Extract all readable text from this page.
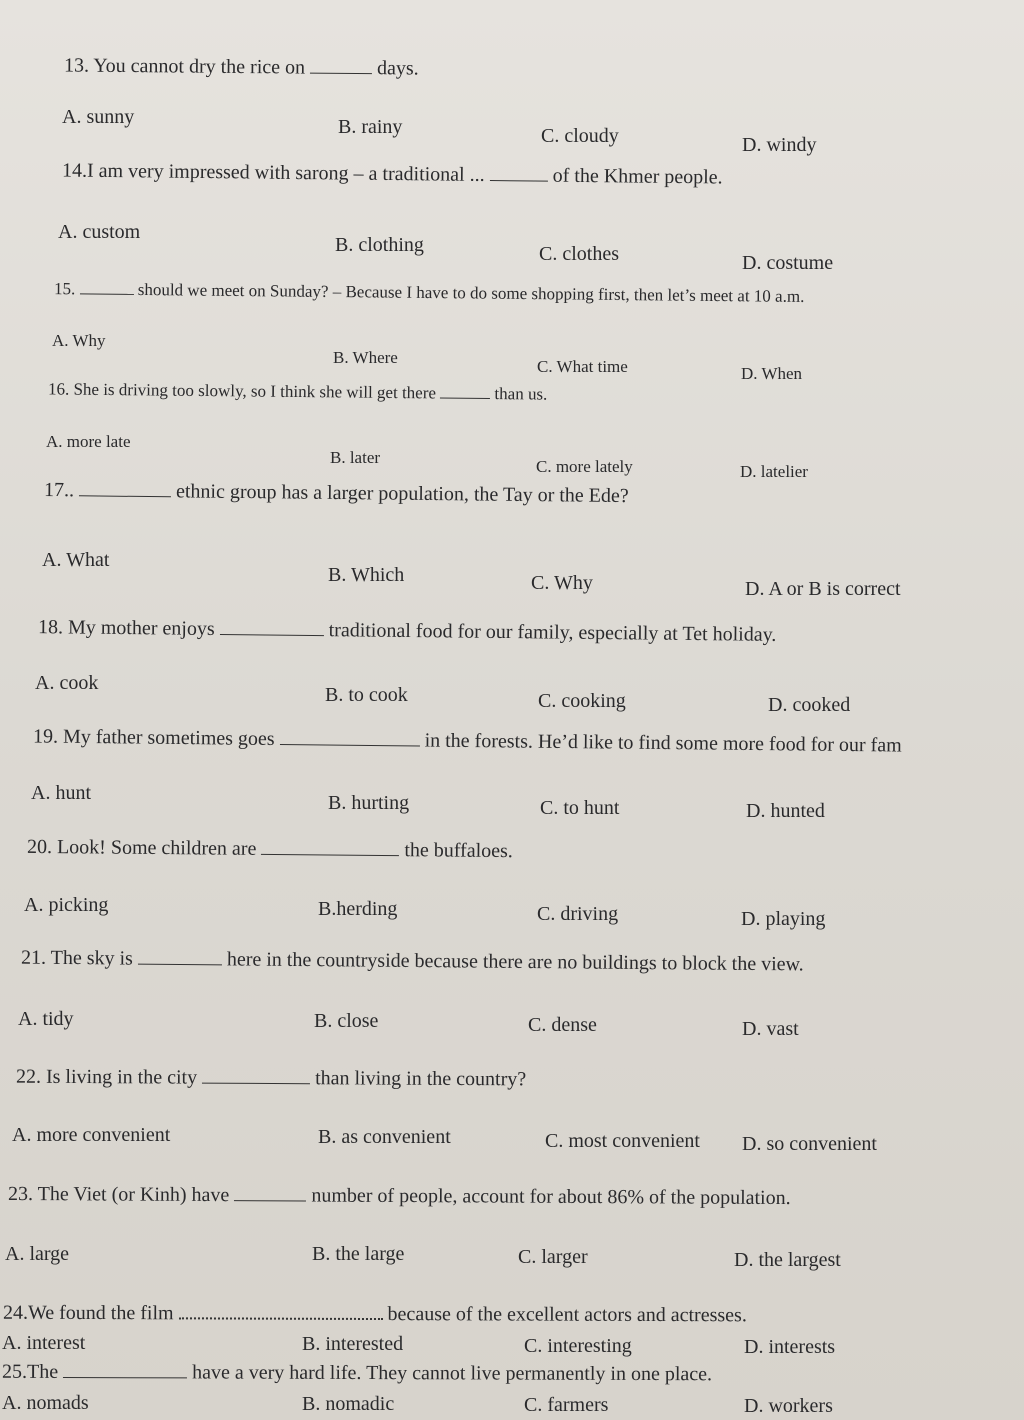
13. You cannot dry the rice on	days.
A. sunny	B. rainy	C. cloudy	D. windy
14.I am very impressed with sarong – a traditional ...	of the Khmer people.
A. custom
B. clothing	C. clothes	D. costume
15.	should we meet on Sunday? – Because I have to do some shopping first, then let’s meet at 10 a.m.
A. Why
B. Where	C. What time	D. When
16. She is driving too slowly, so I think she will get there	than us.
A. more late
B. later	C. more lately	D. latelier
17..	ethnic group has a larger population, the Tay or the Ede?
A. What
B. Which	C. Why	D. A or B is correct
18. My mother enjoys	traditional food for our family, especially at Tet holiday.
A. cook
B. to cook	C. cooking	D. cooked
19. My father sometimes goes	in the forests. He’d like to find some more food for our fam
A. hunt	B. hurting	C. to hunt	D. hunted
20. Look! Some children are	the buffaloes.
A. picking	B.herding	C. driving	D. playing
21. The sky is	here in the countryside because there are no buildings to block the view.
A. tidy	B. close	C. dense	D. vast
22. Is living in the city	than living in the country?
A. more convenient	B. as convenient	C. most convenient D. so convenient
23. The Viet (or Kinh) have	number of people, account for about 86% of the population.
A. large	B. the large	C. larger	D. the largest
24.We found the film	because of the excellent actors and actresses.
A. interest	B. interested	C. interesting	D. interests
25.The	have a very hard life. They cannot live permanently in one place.
A. nomads	B. nomadic	C. farmers	D. workers
